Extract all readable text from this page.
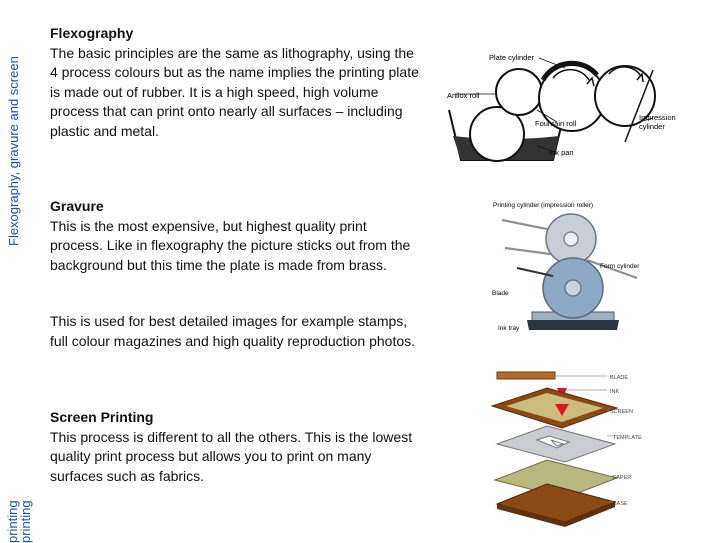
Flexography, gravure and screen
printing
printing
Flexography

The basic principles are the same as lithography, using the 4 process colours but as the name implies the printing plate is made out of rubber. It is a high speed, high volume process that can print onto nearly all surfaces – including plastic and metal.

Gravure

This is the most expensive, but highest quality print process. Like in flexography the picture sticks out from the background but this time the plate is made from brass.

This is used for best detailed images for example stamps, full colour magazines and high quality reproduction photos.

Screen Printing

This process is different to all the others. This is the lowest quality print process but allows you to print on many surfaces such as fabrics.

Plate cylinder
Anilox roll
Fountain roll
Impression
cylinder
Ink pan
Printing cylinder (impression roller)
Form cylinder
Blade
Ink tray
BLADE
INK
SCREEN
TEMPLATE
PAPER
BASE
